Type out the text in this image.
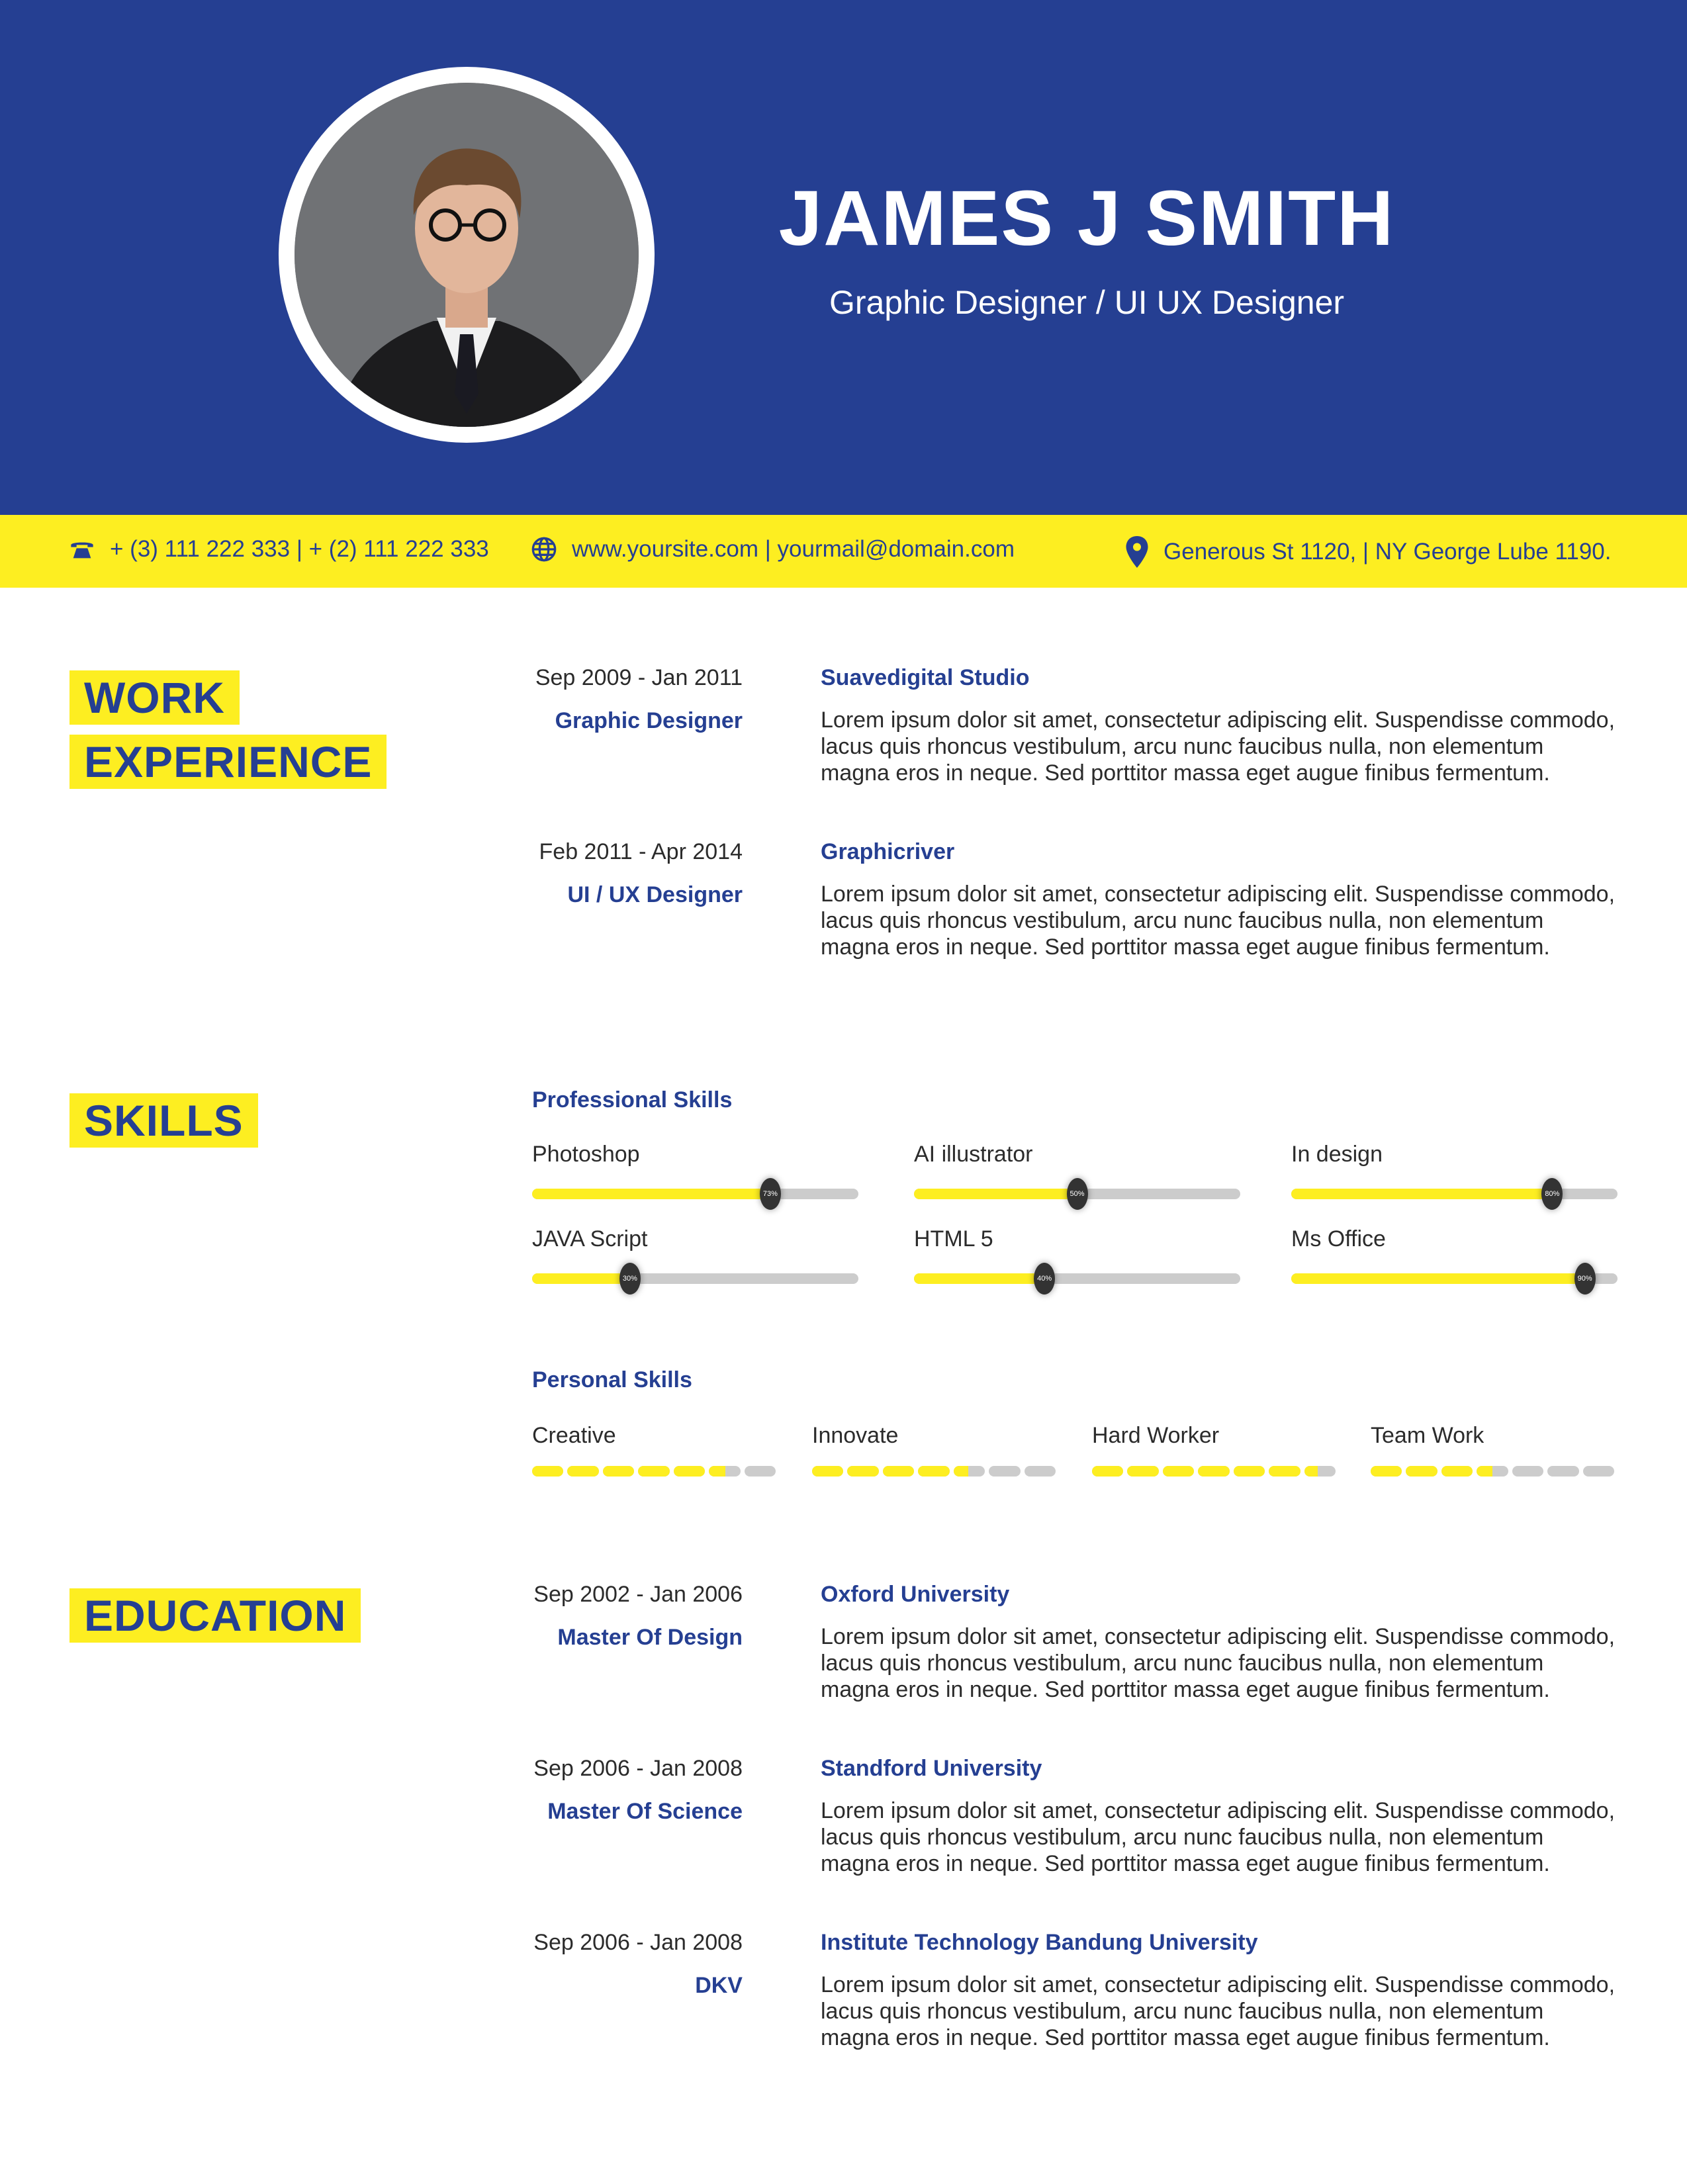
JAMES J SMITH
Graphic Designer / UI UX Designer
+ (3) 111 222 333 | + (2) 111 222 333	www.yoursite.com | yourmail@domain.com	Generous St 1120, | NY George Lube 1190.
WORK
EXPERIENCE
Sep 2009 - Jan 2011
Graphic Designer
Suavedigital Studio
Lorem ipsum dolor sit amet, consectetur adipiscing elit. Suspendisse commodo, lacus quis rhoncus vestibulum, arcu nunc faucibus nulla, non elementum magna eros in neque. Sed porttitor massa eget augue finibus fermentum.
Feb 2011 - Apr 2014
UI / UX Designer
Graphicriver
Lorem ipsum dolor sit amet, consectetur adipiscing elit. Suspendisse commodo, lacus quis rhoncus vestibulum, arcu nunc faucibus nulla, non elementum magna eros in neque. Sed porttitor massa eget augue finibus fermentum.
SKILLS	Professional Skills
Photoshop
73%
AI illustrator
50%
In design
80%
JAVA Script
30%
HTML 5
40%
Ms Office
90%
Personal Skills
Creative	Innovate	Hard Worker	Team Work
EDUCATION	Sep 2002 - Jan 2006
Master Of Design
Oxford University
Lorem ipsum dolor sit amet, consectetur adipiscing elit. Suspendisse commodo, lacus quis rhoncus vestibulum, arcu nunc faucibus nulla, non elementum magna eros in neque. Sed porttitor massa eget augue finibus fermentum.
Sep 2006 - Jan 2008
Master Of Science
Standford University
Lorem ipsum dolor sit amet, consectetur adipiscing elit. Suspendisse commodo, lacus quis rhoncus vestibulum, arcu nunc faucibus nulla, non elementum magna eros in neque. Sed porttitor massa eget augue finibus fermentum.
Sep 2006 - Jan 2008
DKV
Institute Technology Bandung University
Lorem ipsum dolor sit amet, consectetur adipiscing elit. Suspendisse commodo, lacus quis rhoncus vestibulum, arcu nunc faucibus nulla, non elementum magna eros in neque. Sed porttitor massa eget augue finibus fermentum.
